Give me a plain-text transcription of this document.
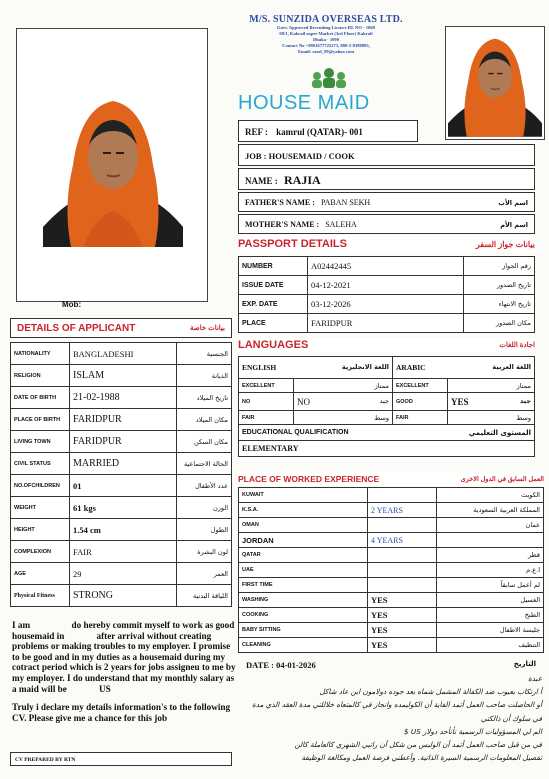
Mob:
M/S. SUNZIDA OVERSEAS LTD.
Govt. Approved Recruiting Licence RL NO - 1068
09/1, Kakrail super Market (3rd Floor) Kakrail
Dhaka - 1000
Contact No +8801677725273, 880-2-8388883,
Email: rasel_89@yahoo.com
HOUSE MAID
REF : kamrul (QATAR)- 001
JOB : HOUSEMAID / COOK
NAME : RAJIA
FATHER'S NAME : PABAN SEKH	اسم الأب
MOTHER'S NAME : SALEHA	اسم الأم
PASSPORT DETAILS	بيانات جواز السفر
NUMBER	A02442445	رقم الجواز
ISSUE DATE	04-12-2021	تاريخ الصدور
EXP. DATE	03-12-2026	تاريخ الانتهاء
PLACE	FARIDPUR	مكان الصدور
LANGUAGES	اجادة اللغات
ENGLISH اللغة الانجليزية		ARABIC اللغة العربية	

EXCELLENT	ممتاز	EXCELLENT	ممتاز
NO	NO جيد	GOOD	YES جيد

FAIR	وسط	FAIR	وسط
EDUCATIONAL QUALIFICATION المستوى التعليمي			

ELEMENTARY			
PLACE OF WORKED EXPERIENCE	العمل السابق في الدول الاخرى
KUWAIT		الكويت
K.S.A.	2 YEARS	المملكة العربية السعودية
OMAN		عمان
JORDAN	4 YEARS	
QATAR		قطر
UAE		ا.ع.م
FIRST TIME		لم أعمل سابقاً
WASHING	YES	الغسيل
COOKING	YES	الطبخ
BABY SITTING	YES	جليسة الاطفال
CLEANING	YES	التنظيف
DETAILS OF APPLICANT	بيانات خاصة
NATIONALITY	BANGLADESHI	الجنسية
RELIGION	ISLAM	الديانة
DATE OF BIRTH	21-02-1988	تاريخ الميلاد
PLACE OF BIRTH	FARIDPUR	مكان الميلاد
LIVING TOWN	FARIDPUR	مكان السكن
CIVIL STATUS	MARRIED	الحالة الاجتماعية
NO.OFCHILDREN	01	عدد الأطفال
WEIGHT	61 kgs	الوزن
HEIGHT	1.54 cm	الطول
COMPLEXION	FAIR	لون البشرة
AGE	29	العمر
Physical Fitness	STRONG	اللياقة البدنية
I am                  do hereby commit myself to work as good housemaid in              after arrival without creating problems or making troubles to my employer. I promise to be good and in my duties as a housemaid during my cotract period which is 2 years for jobs assigneu to me by my employer. I do understand that my monthly salary as a maid will be              US
Truly i declare my details information's to the following CV. Please give me a chance for this job
CV PREPARED BY RTN
DATE : 04-01-2026	التاريخ
عبدة
أ ارتكاب بعيوب ضد الكفالة المشمل شماه بعد جوده دولامون ابن عاد شاكل
أو الحاصلت صاحب العمل أتمد الفاية أن الكوليمده وانجاز في كالمتعاه خلاللتي مدة العقد الذي مدة في سلوك أن ذالكتي
الم لي المسؤوليات الرسمية تأنأحد دولار US $
في من قبل صاحب العمل أتمد أن الوليس من شكل أن راتبي الشهري كالعاملة كالن
تفصيل المعلومات الرسمية السيرة الذاتية. وأعطني فرصة العمل ومكالغة الوظيفة
